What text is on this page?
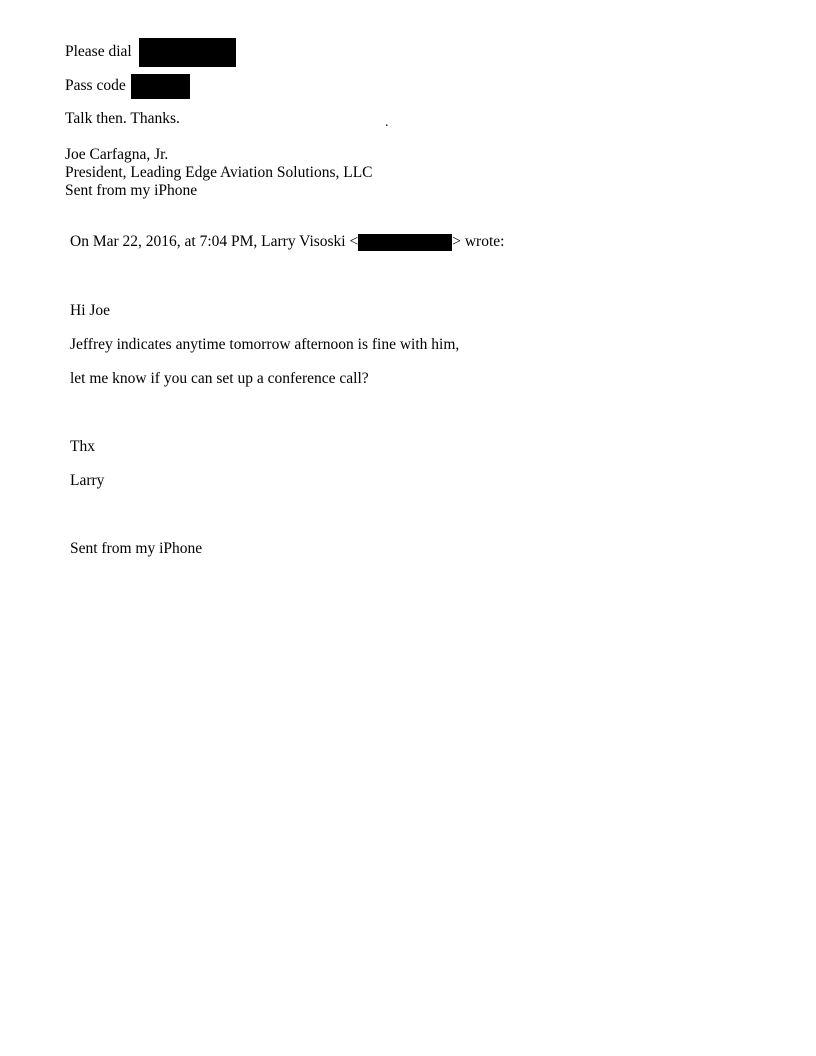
Please dial
Pass code
Talk then. Thanks.	.
Joe Carfagna, Jr.
President, Leading Edge Aviation Solutions, LLC
Sent from my iPhone
On Mar 22, 2016, at 7:04 PM, Larry Visoski <	> wrote:
Hi Joe
Jeffrey indicates anytime tomorrow afternoon is fine with him,
let me know if you can set up a conference call?
Thx
Larry
Sent from my iPhone
